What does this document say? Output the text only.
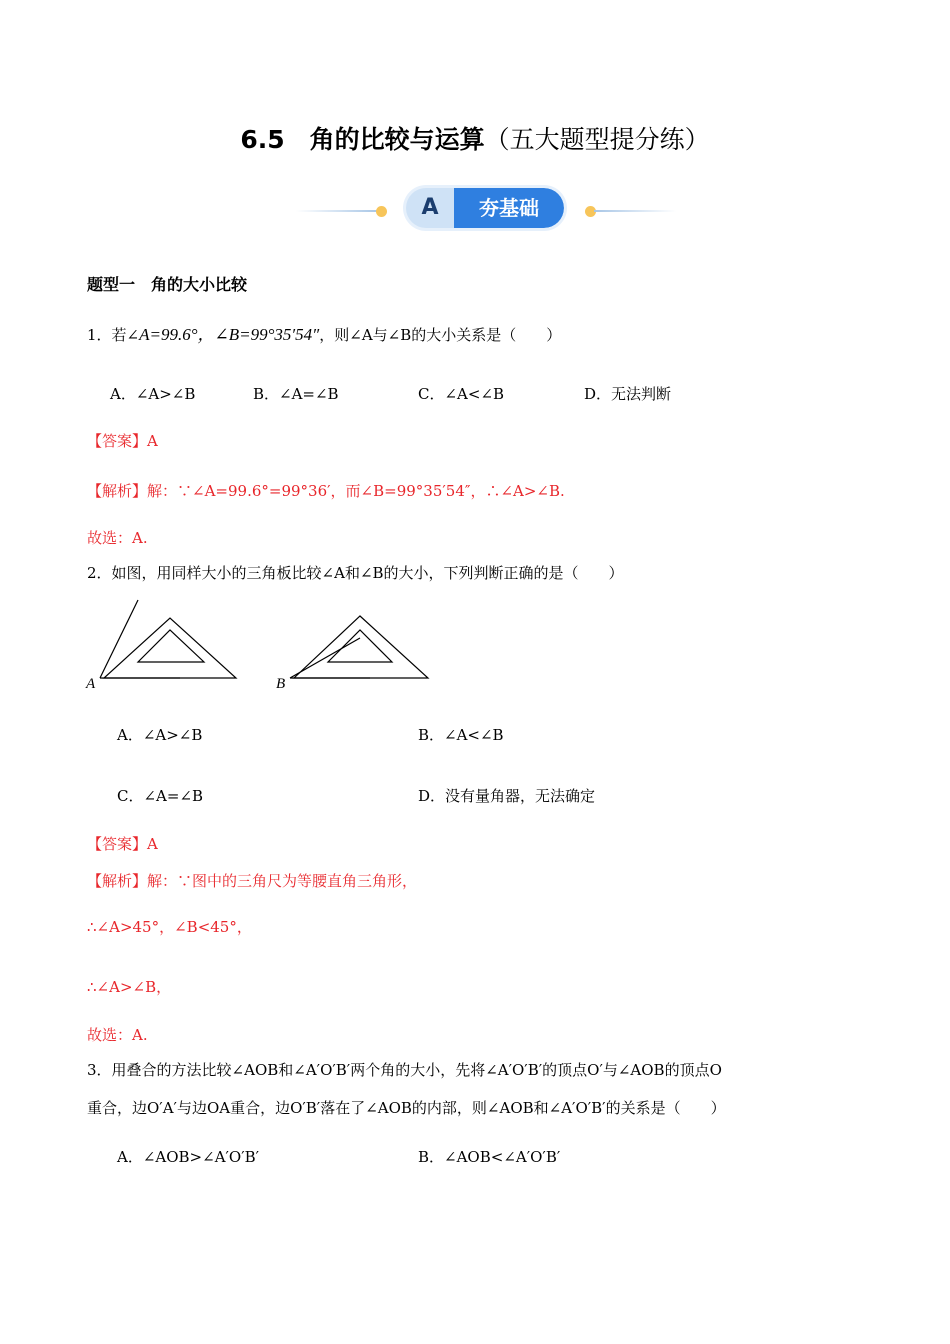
6.5　角的比较与运算（五大题型提分练）
A	夯基础
题型一　角的大小比较
1．若∠A=99.6°，∠B=99°35′54″，则∠A与∠B的大小关系是（　　）
A．∠A>∠B	B．∠A=∠B	C．∠A<∠B	D．无法判断
【答案】A
【解析】解：∵∠A=99.6°=99°36′，而∠B=99°35′54″，∴∠A>∠B.
故选：A.
2．如图，用同样大小的三角板比较∠A和∠B的大小，下列判断正确的是（　　）
A	B
A．∠A>∠B	B．∠A<∠B
C．∠A=∠B	D．没有量角器，无法确定
【答案】A
【解析】解：∵图中的三角尺为等腰直角三角形，
∴∠A>45°，∠B<45°，
∴∠A>∠B，
故选：A.
3．用叠合的方法比较∠AOB和∠A′O′B′两个角的大小，先将∠A′O′B′的顶点O′与∠AOB的顶点O
重合，边O′A′与边OA重合，边O′B′落在了∠AOB的内部，则∠AOB和∠A′O′B′的关系是（　　）
A．∠AOB>∠A′O′B′	B．∠AOB<∠A′O′B′
